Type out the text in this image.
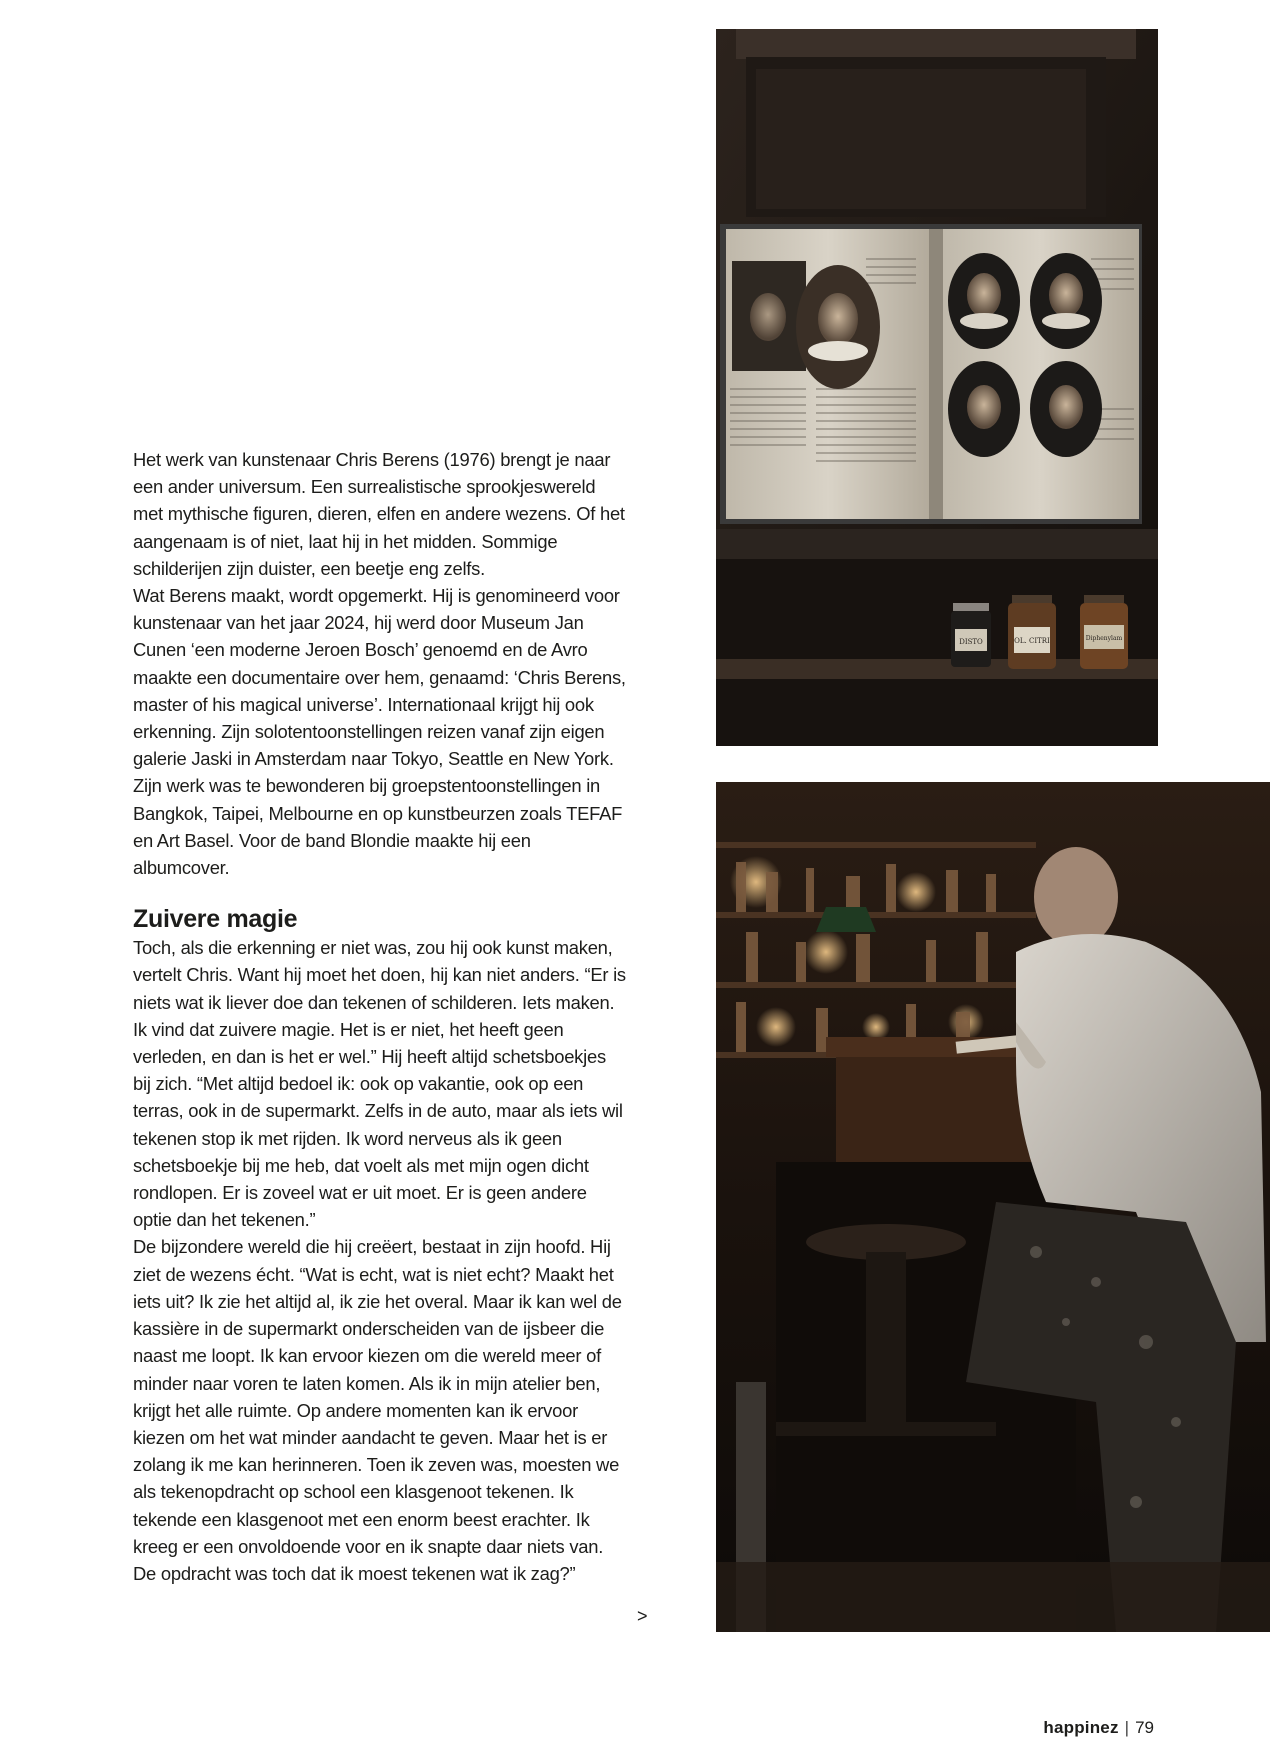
Het werk van kunstenaar Chris Berens (1976) brengt je naar een ander universum. Een surrealistische sprookjeswereld met mythische figuren, dieren, elfen en andere wezens. Of het aangenaam is of niet, laat hij in het midden. Sommige schilderijen zijn duister, een beetje eng zelfs.

Wat Berens maakt, wordt opgemerkt. Hij is genomineerd voor kunstenaar van het jaar 2024, hij werd door Museum Jan Cunen ‘een moderne Jeroen Bosch’ genoemd en de Avro maakte een documentaire over hem, genaamd: ‘Chris Berens, master of his magical universe’. Internationaal krijgt hij ook erkenning. Zijn solotentoonstellingen reizen vanaf zijn eigen galerie Jaski in Amsterdam naar Tokyo, Seattle en New York. Zijn werk was te bewonderen bij groepstentoonstellingen in Bangkok, Taipei, Melbourne en op kunstbeurzen zoals TEFAF en Art Basel. Voor de band Blondie maakte hij een albumcover.

Zuivere magie

Toch, als die erkenning er niet was, zou hij ook kunst maken, vertelt Chris. Want hij moet het doen, hij kan niet anders. “Er is niets wat ik liever doe dan tekenen of schilderen. Iets maken. Ik vind dat zuivere magie. Het is er niet, het heeft geen verleden, en dan is het er wel.” Hij heeft altijd schetsboekjes bij zich. “Met altijd bedoel ik: ook op vakantie, ook op een terras, ook in de supermarkt. Zelfs in de auto, maar als iets wil tekenen stop ik met rijden. Ik word nerveus als ik geen schetsboekje bij me heb, dat voelt als met mijn ogen dicht rondlopen. Er is zoveel wat er uit moet. Er is geen andere optie dan het tekenen.”

De bijzondere wereld die hij creëert, bestaat in zijn hoofd. Hij ziet de wezens écht. “Wat is echt, wat is niet echt? Maakt het iets uit? Ik zie het altijd al, ik zie het overal. Maar ik kan wel de kassière in de supermarkt onderscheiden van de ijsbeer die naast me loopt. Ik kan ervoor kiezen om die wereld meer of minder naar voren te laten komen. Als ik in mijn atelier ben, krijgt het alle ruimte. Op andere momenten kan ik ervoor kiezen om het wat minder aandacht te geven. Maar het is er zolang ik me kan herinneren. Toen ik zeven was, moesten we als tekenopdracht op school een klasgenoot tekenen. Ik tekende een klasgenoot met een enorm beest erachter. Ik kreeg er een onvoldoende voor en ik snapte daar niets van. De opdracht was toch dat ik moest tekenen wat ik zag?”

>
DISTO	OL. CITRI	Diphenylam
happinez | 79
